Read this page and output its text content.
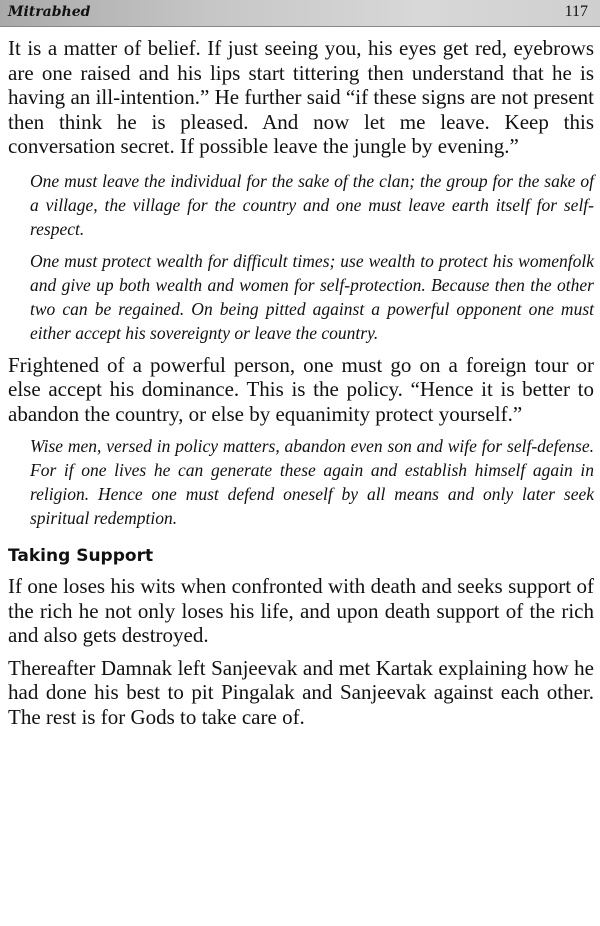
Mitrabhed	117

It is a matter of belief. If just seeing you, his eyes get red, eyebrows are one raised and his lips start tittering then understand that he is having an ill-intention.” He further said “if these signs are not present then think he is pleased. And now let me leave. Keep this conversation secret. If possible leave the jungle by evening.”

One must leave the individual for the sake of the clan; the group for the sake of a village, the village for the country and one must leave earth itself for self-respect.

One must protect wealth for difficult times; use wealth to protect his womenfolk and give up both wealth and women for self-protection. Because then the other two can be regained. On being pitted against a powerful opponent one must either accept his sovereignty or leave the country.

Frightened of a powerful person, one must go on a foreign tour or else accept his dominance. This is the policy. “Hence it is better to abandon the country, or else by equanimity protect yourself.”

Wise men, versed in policy matters, abandon even son and wife for self-defense. For if one lives he can generate these again and establish himself again in religion. Hence one must defend oneself by all means and only later seek spiritual redemption.

Taking Support

If one loses his wits when confronted with death and seeks support of the rich he not only loses his life, and upon death support of the rich and also gets destroyed.

Thereafter Damnak left Sanjeevak and met Kartak explaining how he had done his best to pit Pingalak and Sanjeevak against each other. The rest is for Gods to take care of.
